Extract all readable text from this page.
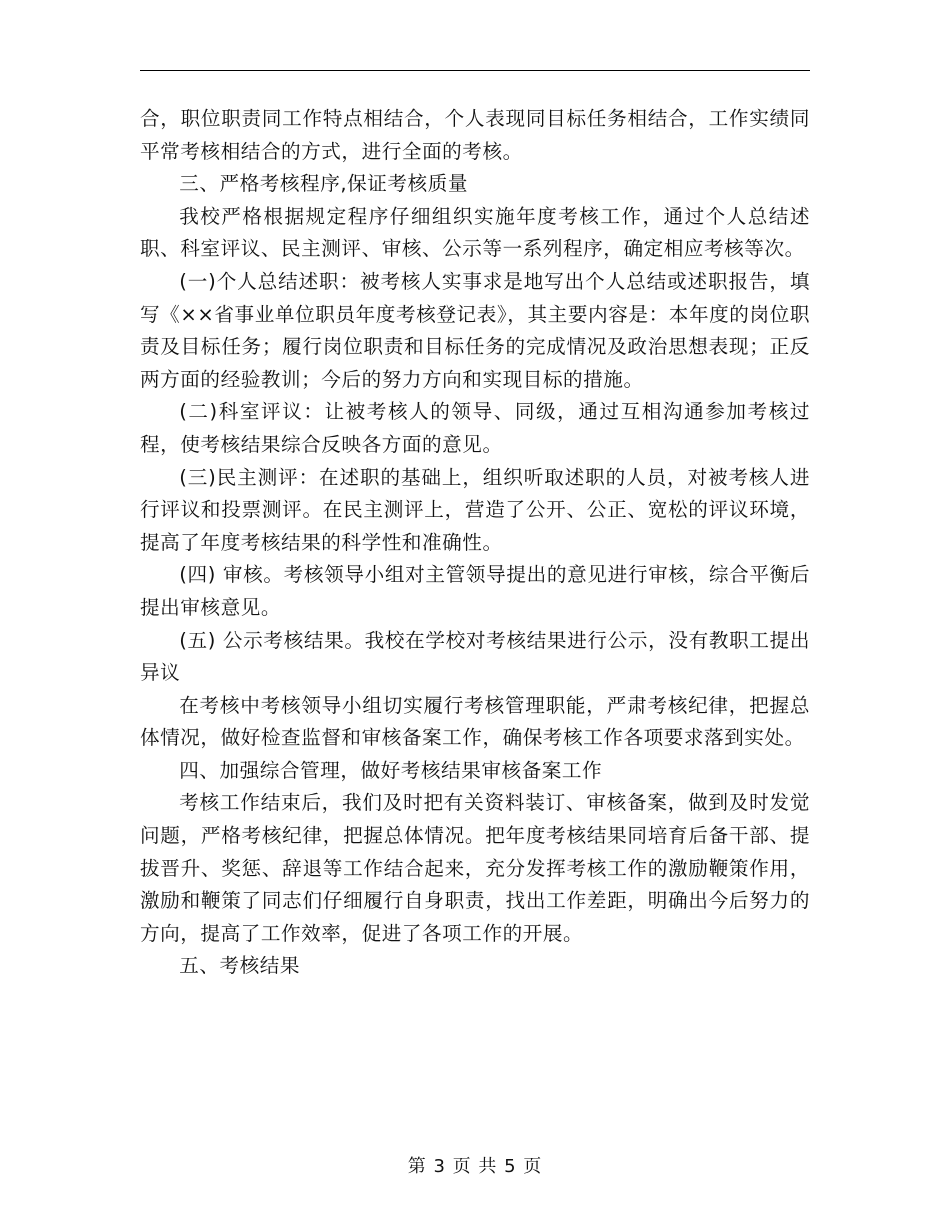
合，职位职责同工作特点相结合，个人表现同目标任务相结合，工作实绩同平常考核相结合的方式，进行全面的考核。

三、严格考核程序,保证考核质量

我校严格根据规定程序仔细组织实施年度考核工作，通过个人总结述职、科室评议、民主测评、审核、公示等一系列程序，确定相应考核等次。

(一)个人总结述职：被考核人实事求是地写出个人总结或述职报告，填写《××省事业单位职员年度考核登记表》，其主要内容是：本年度的岗位职责及目标任务；履行岗位职责和目标任务的完成情况及政治思想表现；正反两方面的经验教训；今后的努力方向和实现目标的措施。

(二)科室评议：让被考核人的领导、同级，通过互相沟通参加考核过程，使考核结果综合反映各方面的意见。

(三)民主测评：在述职的基础上，组织听取述职的人员，对被考核人进行评议和投票测评。在民主测评上，营造了公开、公正、宽松的评议环境，提高了年度考核结果的科学性和准确性。

(四) 审核。考核领导小组对主管领导提出的意见进行审核，综合平衡后提出审核意见。

(五) 公示考核结果。我校在学校对考核结果进行公示，没有教职工提出异议

在考核中考核领导小组切实履行考核管理职能，严肃考核纪律，把握总体情况，做好检查监督和审核备案工作，确保考核工作各项要求落到实处。

四、加强综合管理，做好考核结果审核备案工作

考核工作结束后，我们及时把有关资料装订、审核备案，做到及时发觉问题，严格考核纪律，把握总体情况。把年度考核结果同培育后备干部、提拔晋升、奖惩、辞退等工作结合起来，充分发挥考核工作的激励鞭策作用，激励和鞭策了同志们仔细履行自身职责，找出工作差距，明确出今后努力的方向，提高了工作效率，促进了各项工作的开展。

五、考核结果

第 3 页 共 5 页
